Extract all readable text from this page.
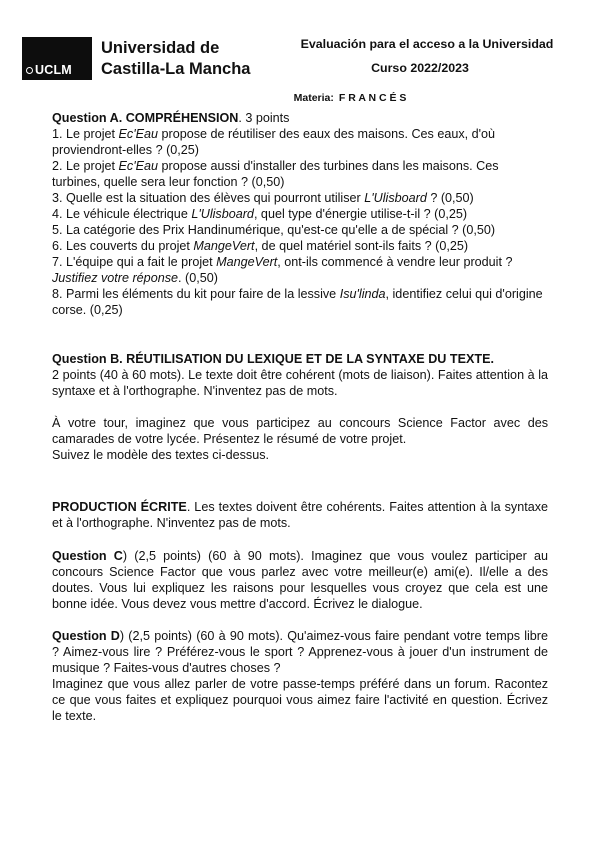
UCLM
Universidad de
Castilla-La Mancha
Evaluación para el acceso a la Universidad
Curso 2022/2023
Materia: F R A N C É S

Question A. COMPRÉHENSION. 3 points

1. Le projet Ec'Eau propose de réutiliser des eaux des maisons. Ces eaux, d'où proviendront-elles ? (0,25)

2. Le projet Ec'Eau propose aussi d'installer des turbines dans les maisons. Ces turbines, quelle sera leur fonction ? (0,50)

3. Quelle est la situation des élèves qui pourront utiliser L'Ulisboard ? (0,50)

4. Le véhicule électrique L'Ulisboard, quel type d'énergie utilise-t-il ? (0,25)

5. La catégorie des Prix Handinumérique, qu'est-ce qu'elle a de spécial ? (0,50)

6. Les couverts du projet MangeVert, de quel matériel sont-ils faits ? (0,25)

7. L'équipe qui a fait le projet MangeVert, ont-ils commencé à vendre leur produit ? Justifiez votre réponse. (0,50)

8. Parmi les éléments du kit pour faire de la lessive Isu'linda, identifiez celui qui d'origine corse. (0,25)

Question B. RÉUTILISATION DU LEXIQUE ET DE LA SYNTAXE DU TEXTE.

2 points (40 à 60 mots). Le texte doit être cohérent (mots de liaison). Faites attention à la syntaxe et à l'orthographe. N'inventez pas de mots.

À votre tour, imaginez que vous participez au concours Science Factor avec des camarades de votre lycée. Présentez le résumé de votre projet.

Suivez le modèle des textes ci-dessus.

PRODUCTION ÉCRITE. Les textes doivent être cohérents. Faites attention à la syntaxe et à l'orthographe. N'inventez pas de mots.

Question C) (2,5 points) (60 à 90 mots). Imaginez que vous voulez participer au concours Science Factor que vous parlez avec votre meilleur(e) ami(e). Il/elle a des doutes. Vous lui expliquez les raisons pour lesquelles vous croyez que cela est une bonne idée. Vous devez vous mettre d'accord. Écrivez le dialogue.

Question D) (2,5 points) (60 à 90 mots). Qu'aimez-vous faire pendant votre temps libre ? Aimez-vous lire ? Préférez-vous le sport ? Apprenez-vous à jouer d'un instrument de musique ? Faites-vous d'autres choses ?

Imaginez que vous allez parler de votre passe-temps préféré dans un forum. Racontez ce que vous faites et expliquez pourquoi vous aimez faire l'activité en question. Écrivez le texte.
